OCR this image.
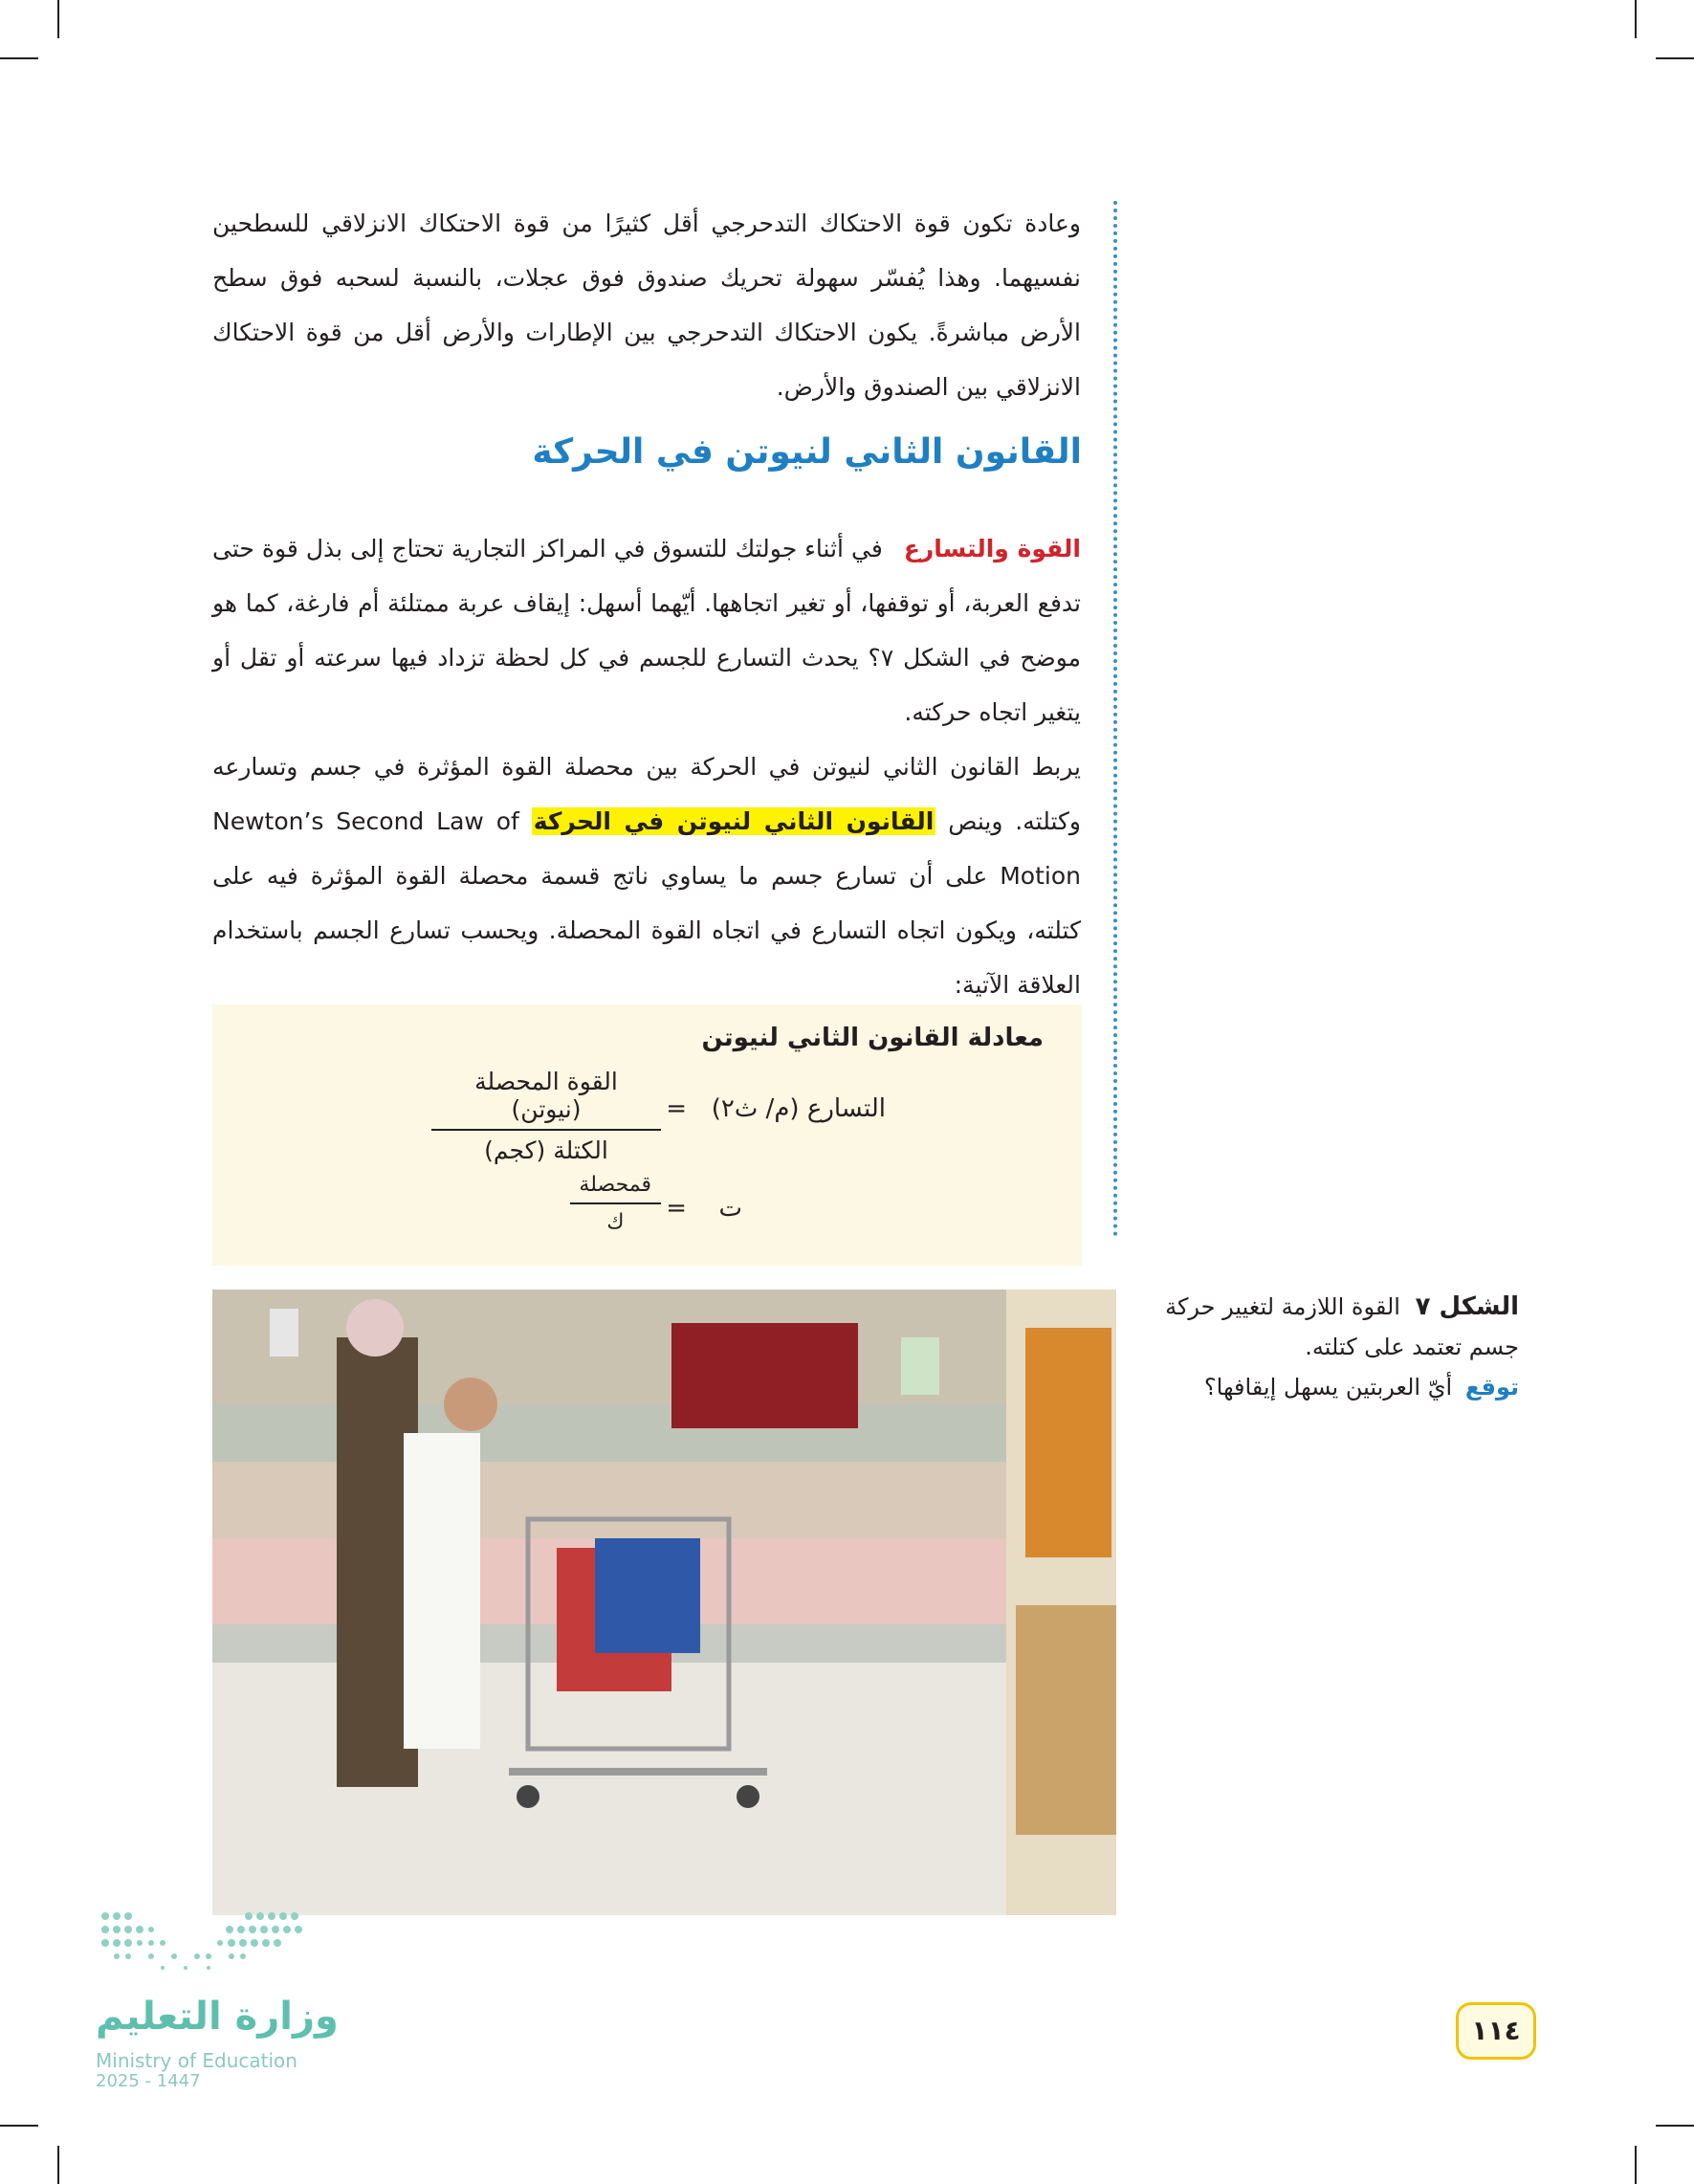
وعادة تكون قوة الاحتكاك التدحرجي أقل كثيرًا من قوة الاحتكاك الانزلاقي للسطحين نفسيهما. وهذا يُفسّر سهولة تحريك صندوق فوق عجلات، بالنسبة لسحبه فوق سطح الأرض مباشرةً. يكون الاحتكاك التدحرجي بين الإطارات والأرض أقل من قوة الاحتكاك الانزلاقي بين الصندوق والأرض.

القانون الثاني لنيوتن في الحركة

القوة والتسارع في أثناء جولتك للتسوق في المراكز التجارية تحتاج إلى بذل قوة حتى تدفع العربة، أو توقفها، أو تغير اتجاهها. أيّهما أسهل: إيقاف عربة ممتلئة أم فارغة، كما هو موضح في الشكل ٧؟ يحدث التسارع للجسم في كل لحظة تزداد فيها سرعته أو تقل أو يتغير اتجاه حركته.

يربط القانون الثاني لنيوتن في الحركة بين محصلة القوة المؤثرة في جسم وتسارعه وكتلته. وينص القانون الثاني لنيوتن في الحركة Newton’s Second Law of Motion على أن تسارع جسم ما يساوي ناتج قسمة محصلة القوة المؤثرة فيه على كتلته، ويكون اتجاه التسارع في اتجاه القوة المحصلة. ويحسب تسارع الجسم باستخدام العلاقة الآتية:

معادلة القانون الثاني لنيوتن
التسارع (م/ ث٢)
=
القوة المحصلة (نيوتن)
الكتلة (كجم)
ت
=
قمحصلة
ك
الشكل ٧ القوة اللازمة لتغيير حركة جسم تعتمد على كتلته.
توقع أيّ العربتين يسهل إيقافها؟
وزارة التعليم
Ministry of Education
2025 - 1447
١١٤
